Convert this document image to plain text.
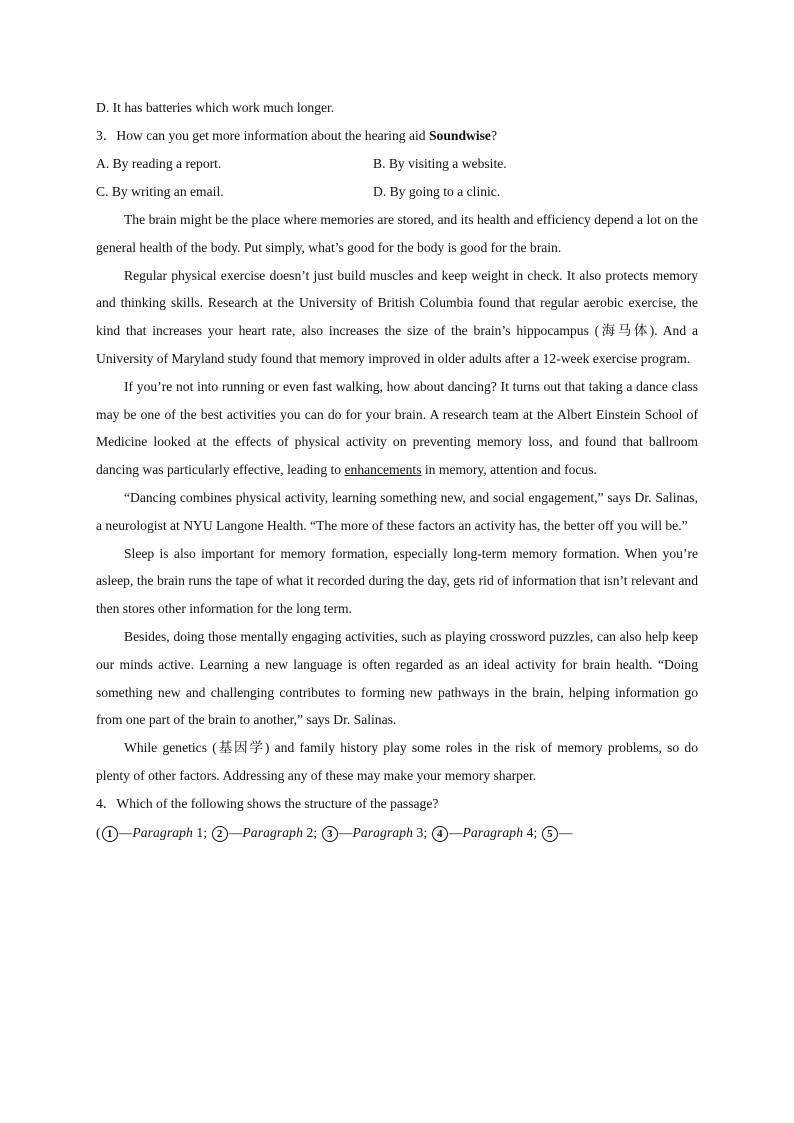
D. It has batteries which work much longer.

3．How can you get more information about the hearing aid Soundwise?

A. By reading a report.	B. By visiting a website.
C. By writing an email.	D. By going to a clinic.

The brain might be the place where memories are stored, and its health and efficiency depend a lot on the general health of the body. Put simply, what’s good for the body is good for the brain.

Regular physical exercise doesn’t just build muscles and keep weight in check. It also protects memory and thinking skills. Research at the University of British Columbia found that regular aerobic exercise, the kind that increases your heart rate, also increases the size of the brain’s hippocampus (海马体). And a University of Maryland study found that memory improved in older adults after a 12-week exercise program.

If you’re not into running or even fast walking, how about dancing? It turns out that taking a dance class may be one of the best activities you can do for your brain. A research team at the Albert Einstein School of Medicine looked at the effects of physical activity on preventing memory loss, and found that ballroom dancing was particularly effective, leading to enhancements in memory, attention and focus.

“Dancing combines physical activity, learning something new, and social engagement,” says Dr. Salinas, a neurologist at NYU Langone Health. “The more of these factors an activity has, the better off you will be.”

Sleep is also important for memory formation, especially long-term memory formation. When you’re asleep, the brain runs the tape of what it recorded during the day, gets rid of information that isn’t relevant and then stores other information for the long term.

Besides, doing those mentally engaging activities, such as playing crossword puzzles, can also help keep our minds active. Learning a new language is often regarded as an ideal activity for brain health. “Doing something new and challenging contributes to forming new pathways in the brain, helping information go from one part of the brain to another,” says Dr. Salinas.

While genetics (基因学) and family history play some roles in the risk of memory problems, so do plenty of other factors. Addressing any of these may make your memory sharper.

4．Which of the following shows the structure of the passage?

( 1 —Paragraph 1; 2 —Paragraph 2; 3 —Paragraph 3; 4 —Paragraph 4; 5 —
